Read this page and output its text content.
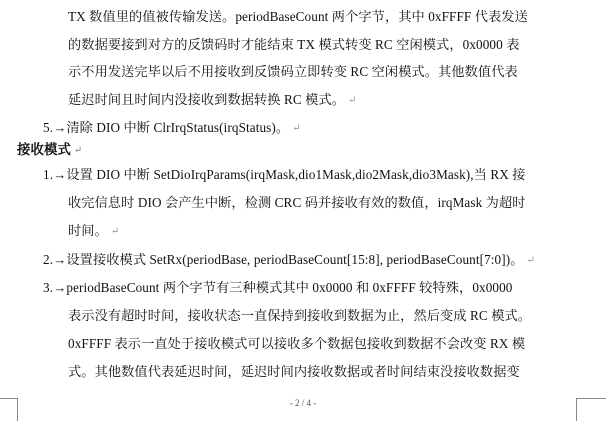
TX 数值里的值被传输发送。periodBaseCount 两个字节，其中 0xFFFF 代表发送
的数据要接到对方的反馈码时才能结束 TX 模式转变 RC 空闲模式，0x0000 表
示不用发送完毕以后不用接收到反馈码立即转变 RC 空闲模式。其他数值代表
延迟时间且时间内没接收到数据转换 RC 模式。 ↵
5.→清除 DIO 中断 ClrIrqStatus(irqStatus)。 ↵
接收模式 ↵
1.→设置 DIO 中断 SetDioIrqParams(irqMask,dio1Mask,dio2Mask,dio3Mask),当 RX 接
收完信息时 DIO 会产生中断，检测 CRC 码并接收有效的数值，irqMask 为超时
时间。 ↵
2.→设置接收模式 SetRx(periodBase, periodBaseCount[15:8], periodBaseCount[7:0])。 ↵
3.→periodBaseCount 两个字节有三种模式其中 0x0000 和 0xFFFF 较特殊，0x0000
表示没有超时时间，接收状态一直保持到接收到数据为止，然后变成 RC 模式。
0xFFFF 表示一直处于接收模式可以接收多个数据包接收到数据不会改变 RX 模
式。其他数值代表延迟时间，延迟时间内接收数据或者时间结束没接收数据变
- 2 / 4 -
